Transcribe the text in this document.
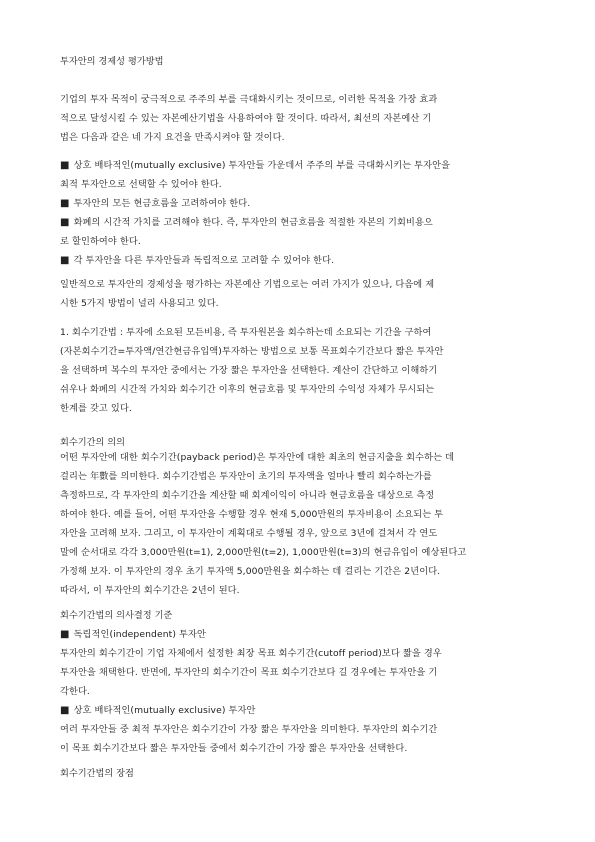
투자안의 경제성 평가방법

기업의 투자 목적이 궁극적으로 주주의 부를 극대화시키는 것이므로, 이러한 목적을 가장 효과
적으로 달성시킬 수 있는 자본예산기법을 사용하여야 할 것이다. 따라서, 최선의 자본예산 기
법은 다음과 같은 네 가지 요건을 만족시켜야 할 것이다.
■ 상호 배타적인(mutually exclusive) 투자안들 가운데서 주주의 부를 극대화시키는 투자안을
최적 투자안으로 선택할 수 있어야 한다.
■ 투자안의 모든 현금흐름을 고려하여야 한다.
■ 화폐의 시간적 가치를 고려해야 한다. 즉, 투자안의 현금흐름을 적절한 자본의 기회비용으
로 할인하여야 한다.
■ 각 투자안을 다른 투자안들과 독립적으로 고려할 수 있어야 한다.
일반적으로 투자안의 경제성을 평가하는 자본예산 기법으로는 여러 가지가 있으나, 다음에 제
시한 5가지 방법이 널리 사용되고 있다.
1. 회수기간법 : 투자에 소요된 모든비용, 즉 투자원본을 회수하는데 소요되는 기간을 구하여
(자본회수기간=투자액/연간현금유입액)투자하는 방법으로 보통 목표회수기간보다 짧은 투자안
을 선택하며 복수의 투자안 중에서는 가장 짧은 투자안을 선택한다. 계산이 간단하고 이해하기
쉬우나 화폐의 시간적 가치와 회수기간 이후의 현금흐름 및 투자안의 수익성 자체가 무시되는
한계를 갖고 있다.

회수기간의 의의

어떤 투자안에 대한 회수기간(payback period)은 투자안에 대한 최초의 현금지출을 회수하는 데
걸리는 年數를 의미한다. 회수기간법은 투자안이 초기의 투자액을 얼마나 빨리 회수하는가를
측정하므로, 각 투자안의 회수기간을 계산할 때 회계이익이 아니라 현금흐름을 대상으로 측정
하여야 한다. 예를 들어, 어떤 투자안을 수행할 경우 현재 5,000만원의 투자비용이 소요되는 투
자안을 고려해 보자. 그리고, 이 투자안이 계획대로 수행될 경우, 앞으로 3년에 걸쳐서 각 연도
말에 순서대로 각각 3,000만원(t=1), 2,000만원(t=2), 1,000만원(t=3)의 현금유입이 예상된다고
가정해 보자. 이 투자안의 경우 초기 투자액 5,000만원을 회수하는 데 걸리는 기간은 2년이다.
따라서, 이 투자안의 회수기간은 2년이 된다.

회수기간법의 의사결정 기준

■ 독립적인(independent) 투자안
투자안의 회수기간이 기업 자체에서 설정한 최장 목표 회수기간(cutoff period)보다 짧을 경우
투자안을 채택한다. 반면에, 투자안의 회수기간이 목표 회수기간보다 길 경우에는 투자안을 기
각한다.
■ 상호 배타적인(mutually exclusive) 투자안
여러 투자안들 중 최적 투자안은 회수기간이 가장 짧은 투자안을 의미한다. 투자안의 회수기간
이 목표 회수기간보다 짧은 투자안들 중에서 회수기간이 가장 짧은 투자안을 선택한다.

회수기간법의 장점
